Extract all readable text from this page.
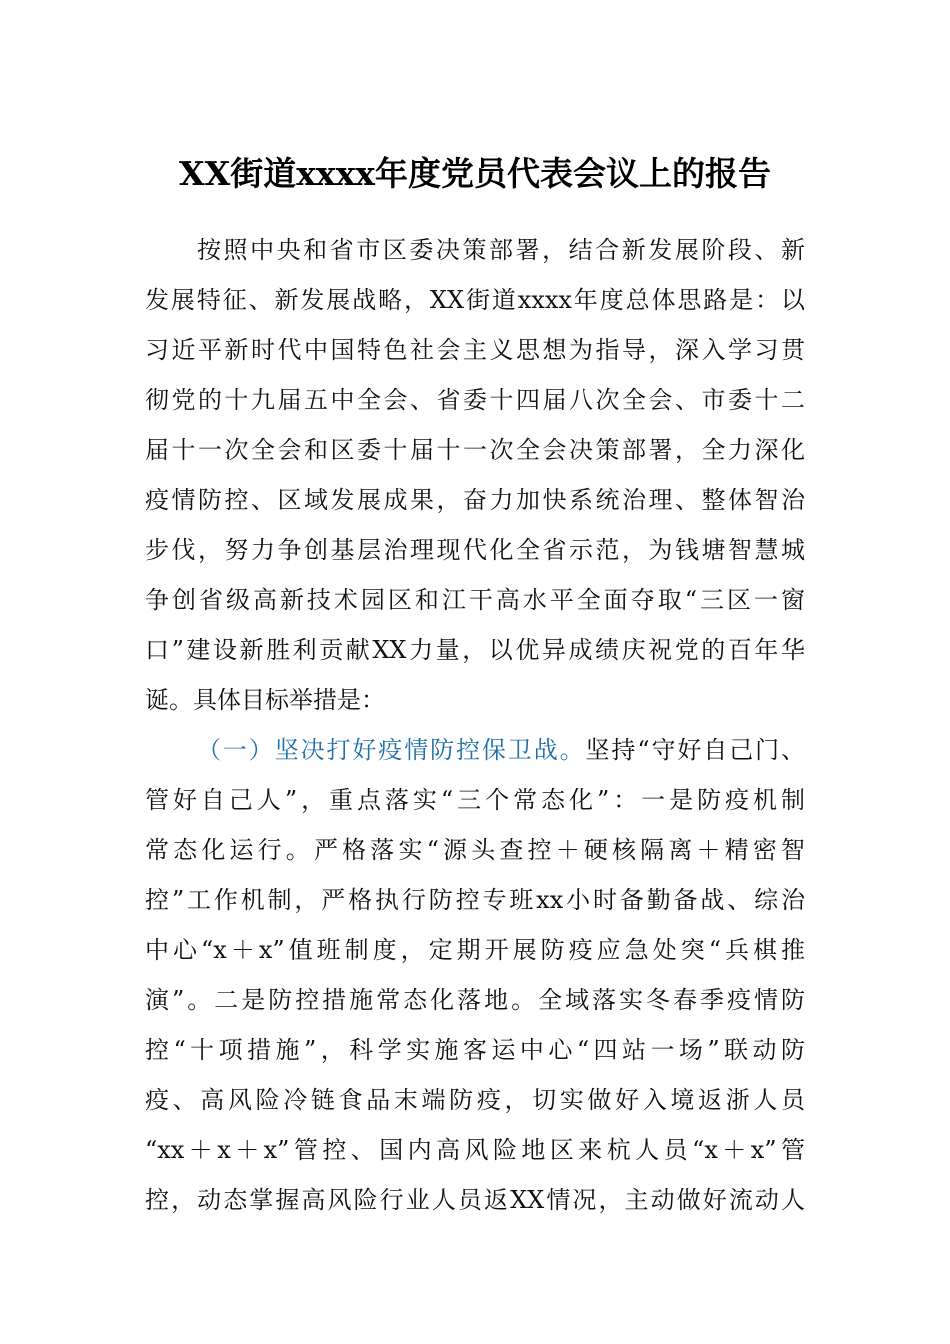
XX街道xxxx年度党员代表会议上的报告
按照中央和省市区委决策部署，结合新发展阶段、新
发展特征、新发展战略，XX街道xxxx年度总体思路是：以
习近平新时代中国特色社会主义思想为指导，深入学习贯
彻党的十九届五中全会、省委十四届八次全会、市委十二
届十一次全会和区委十届十一次全会决策部署，全力深化
疫情防控、区域发展成果，奋力加快系统治理、整体智治
步伐，努力争创基层治理现代化全省示范，为钱塘智慧城
争创省级高新技术园区和江干高水平全面夺取“三区一窗
口”建设新胜利贡献XX力量，以优异成绩庆祝党的百年华
诞。具体目标举措是：
（一）坚决打好疫情防控保卫战。坚持“守好自己门、
管好自己人”，重点落实“三个常态化”：一是防疫机制
常态化运行。严格落实“源头查控＋硬核隔离＋精密智
控”工作机制，严格执行防控专班xx小时备勤备战、综治
中心“x＋x”值班制度，定期开展防疫应急处突“兵棋推
演”。二是防控措施常态化落地。全域落实冬春季疫情防
控“十项措施”，科学实施客运中心“四站一场”联动防
疫、高风险冷链食品末端防疫，切实做好入境返浙人员
“xx＋x＋x”管控、国内高风险地区来杭人员“x＋x”管
控，动态掌握高风险行业人员返XX情况，主动做好流动人
